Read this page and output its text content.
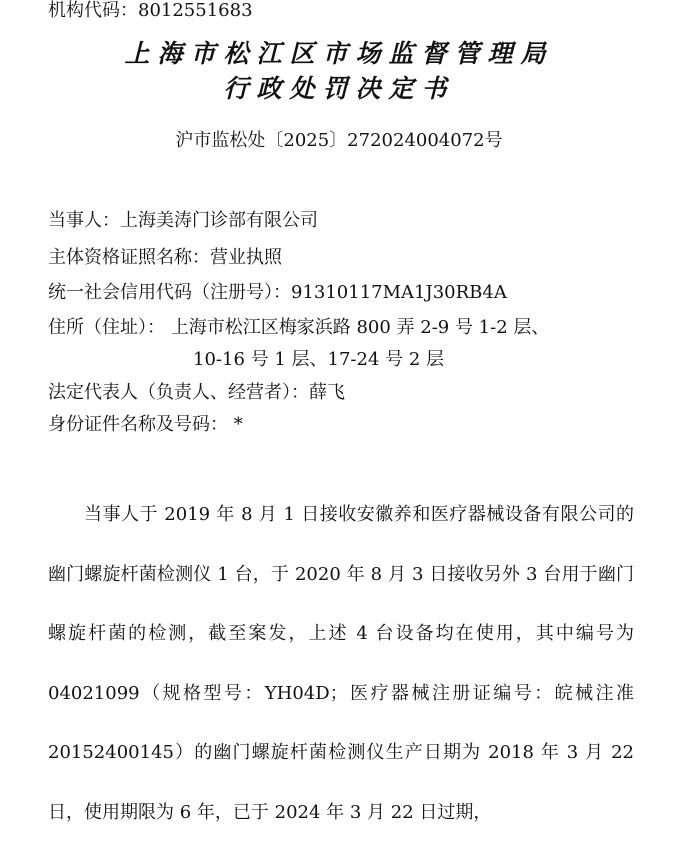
机构代码：8012551683
上海市松江区市场监督管理局
行政处罚决定书
沪市监松处〔2025〕272024004072号
当事人：上海美涛门诊部有限公司
主体资格证照名称：营业执照
统一社会信用代码（注册号）：91310117MA1J30RB4A
住所（住址）： 上海市松江区梅家浜路 800 弄 2-9 号 1-2 层、
10-16 号 1 层、17-24 号 2 层
法定代表人（负责人、经营者）：薛飞
身份证件名称及号码： *
当事人于 2019 年 8 月 1 日接收安徽养和医疗器械设备有限公司的幽门螺旋杆菌检测仪 1 台，于 2020 年 8 月 3 日接收另外 3 台用于幽门螺旋杆菌的检测，截至案发，上述 4 台设备均在使用，其中编号为 04021099（规格型号：YH04D；医疗器械注册证编号：皖械注准 20152400145）的幽门螺旋杆菌检测仪生产日期为 2018 年 3 月 22 日，使用期限为 6 年，已于 2024 年 3 月 22 日过期，
